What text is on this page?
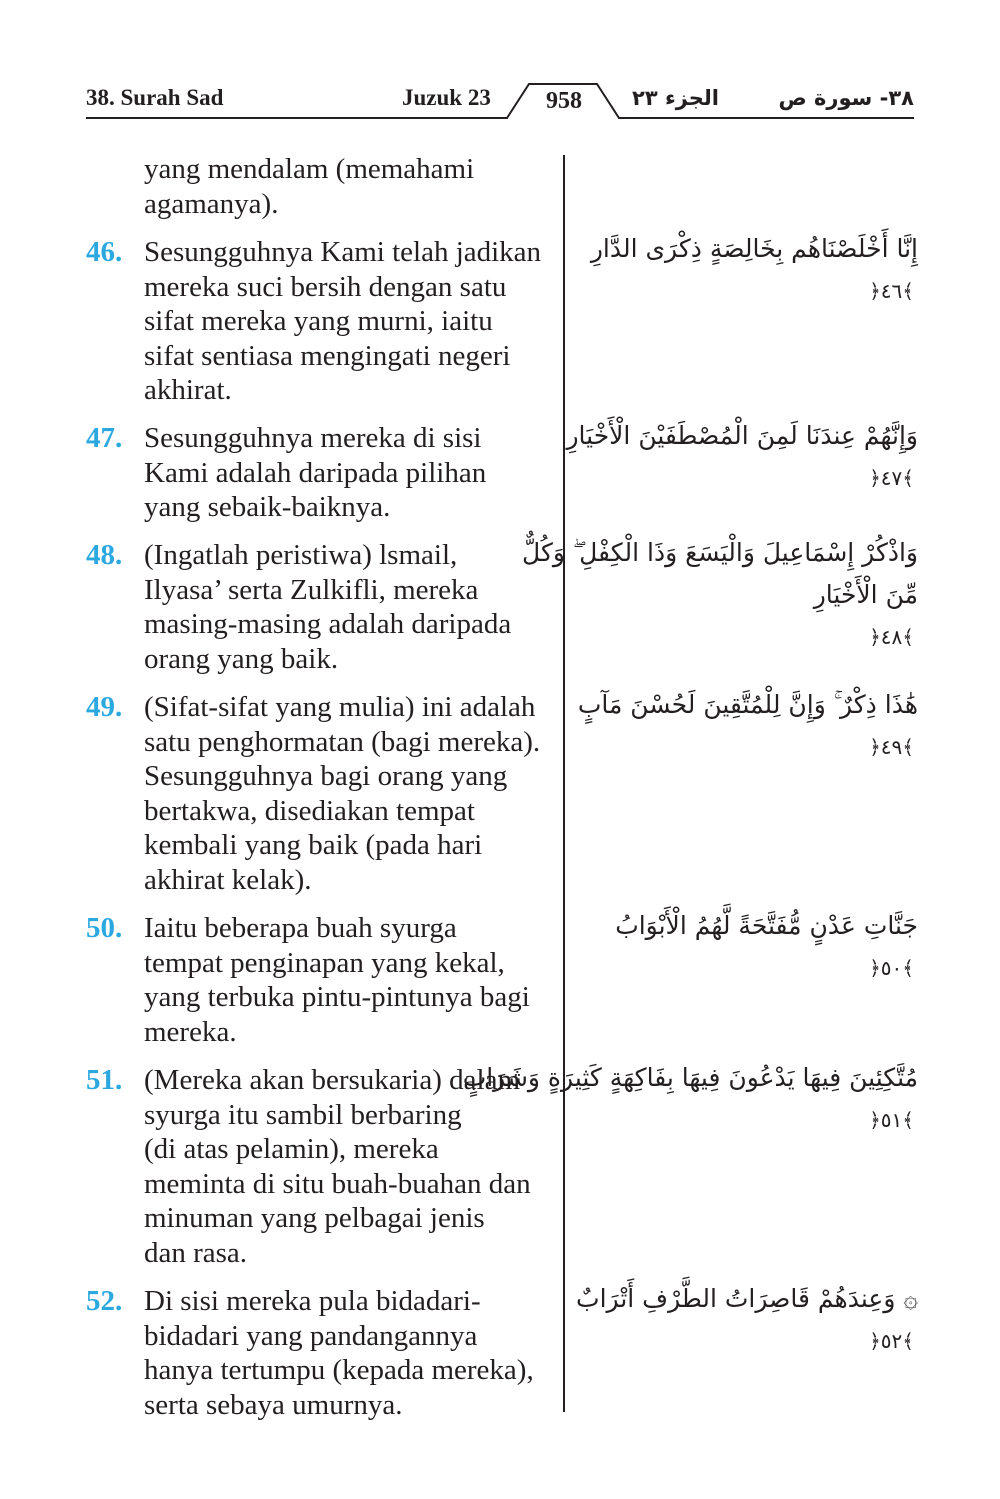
38. Surah Sad	Juzuk 23	958	الجزء ٢٣	٣٨- سورة ص
yang mendalam (memahami
agamanya).
46. Sesungguhnya Kami telah jadikan
mereka suci bersih dengan satu
sifat mereka yang murni, iaitu
sifat sentiasa mengingati negeri
akhirat.
إِنَّا أَخْلَصْنَاهُم بِخَالِصَةٍ ذِكْرَى الدَّارِ
﴿٤٦﴾
47. Sesungguhnya mereka di sisi
Kami adalah daripada pilihan
yang sebaik-baiknya.
وَإِنَّهُمْ عِندَنَا لَمِنَ الْمُصْطَفَيْنَ الْأَخْيَارِ
﴿٤٧﴾
48. (Ingatlah peristiwa) lsmail,
Ilyasa’ serta Zulkifli, mereka
masing-masing adalah daripada
orang yang baik.
وَاذْكُرْ إِسْمَاعِيلَ وَالْيَسَعَ وَذَا الْكِفْلِ ۖ وَكُلٌّ
مِّنَ الْأَخْيَارِ
﴿٤٨﴾
49. (Sifat-sifat yang mulia) ini adalah
satu penghormatan (bagi mereka).
Sesungguhnya bagi orang yang
bertakwa, disediakan tempat
kembali yang baik (pada hari
akhirat kelak).
هَٰذَا ذِكْرٌ ۚ وَإِنَّ لِلْمُتَّقِينَ لَحُسْنَ مَآبٍ
﴿٤٩﴾
50. Iaitu beberapa buah syurga
tempat penginapan yang kekal,
yang terbuka pintu-pintunya bagi
mereka.
جَنَّاتِ عَدْنٍ مُّفَتَّحَةً لَّهُمُ الْأَبْوَابُ
﴿٥٠﴾
51. (Mereka akan bersukaria) dalam
syurga itu sambil berbaring
(di atas pelamin), mereka
meminta di situ buah-buahan dan
minuman yang pelbagai jenis
dan rasa.
مُتَّكِئِينَ فِيهَا يَدْعُونَ فِيهَا بِفَاكِهَةٍ كَثِيرَةٍ وَشَرَابٍ
﴿٥١﴾
52. Di sisi mereka pula bidadari-
bidadari yang pandangannya
hanya tertumpu (kepada mereka),
serta sebaya umurnya.
۞ وَعِندَهُمْ قَاصِرَاتُ الطَّرْفِ أَتْرَابٌ
﴿٥٢﴾
